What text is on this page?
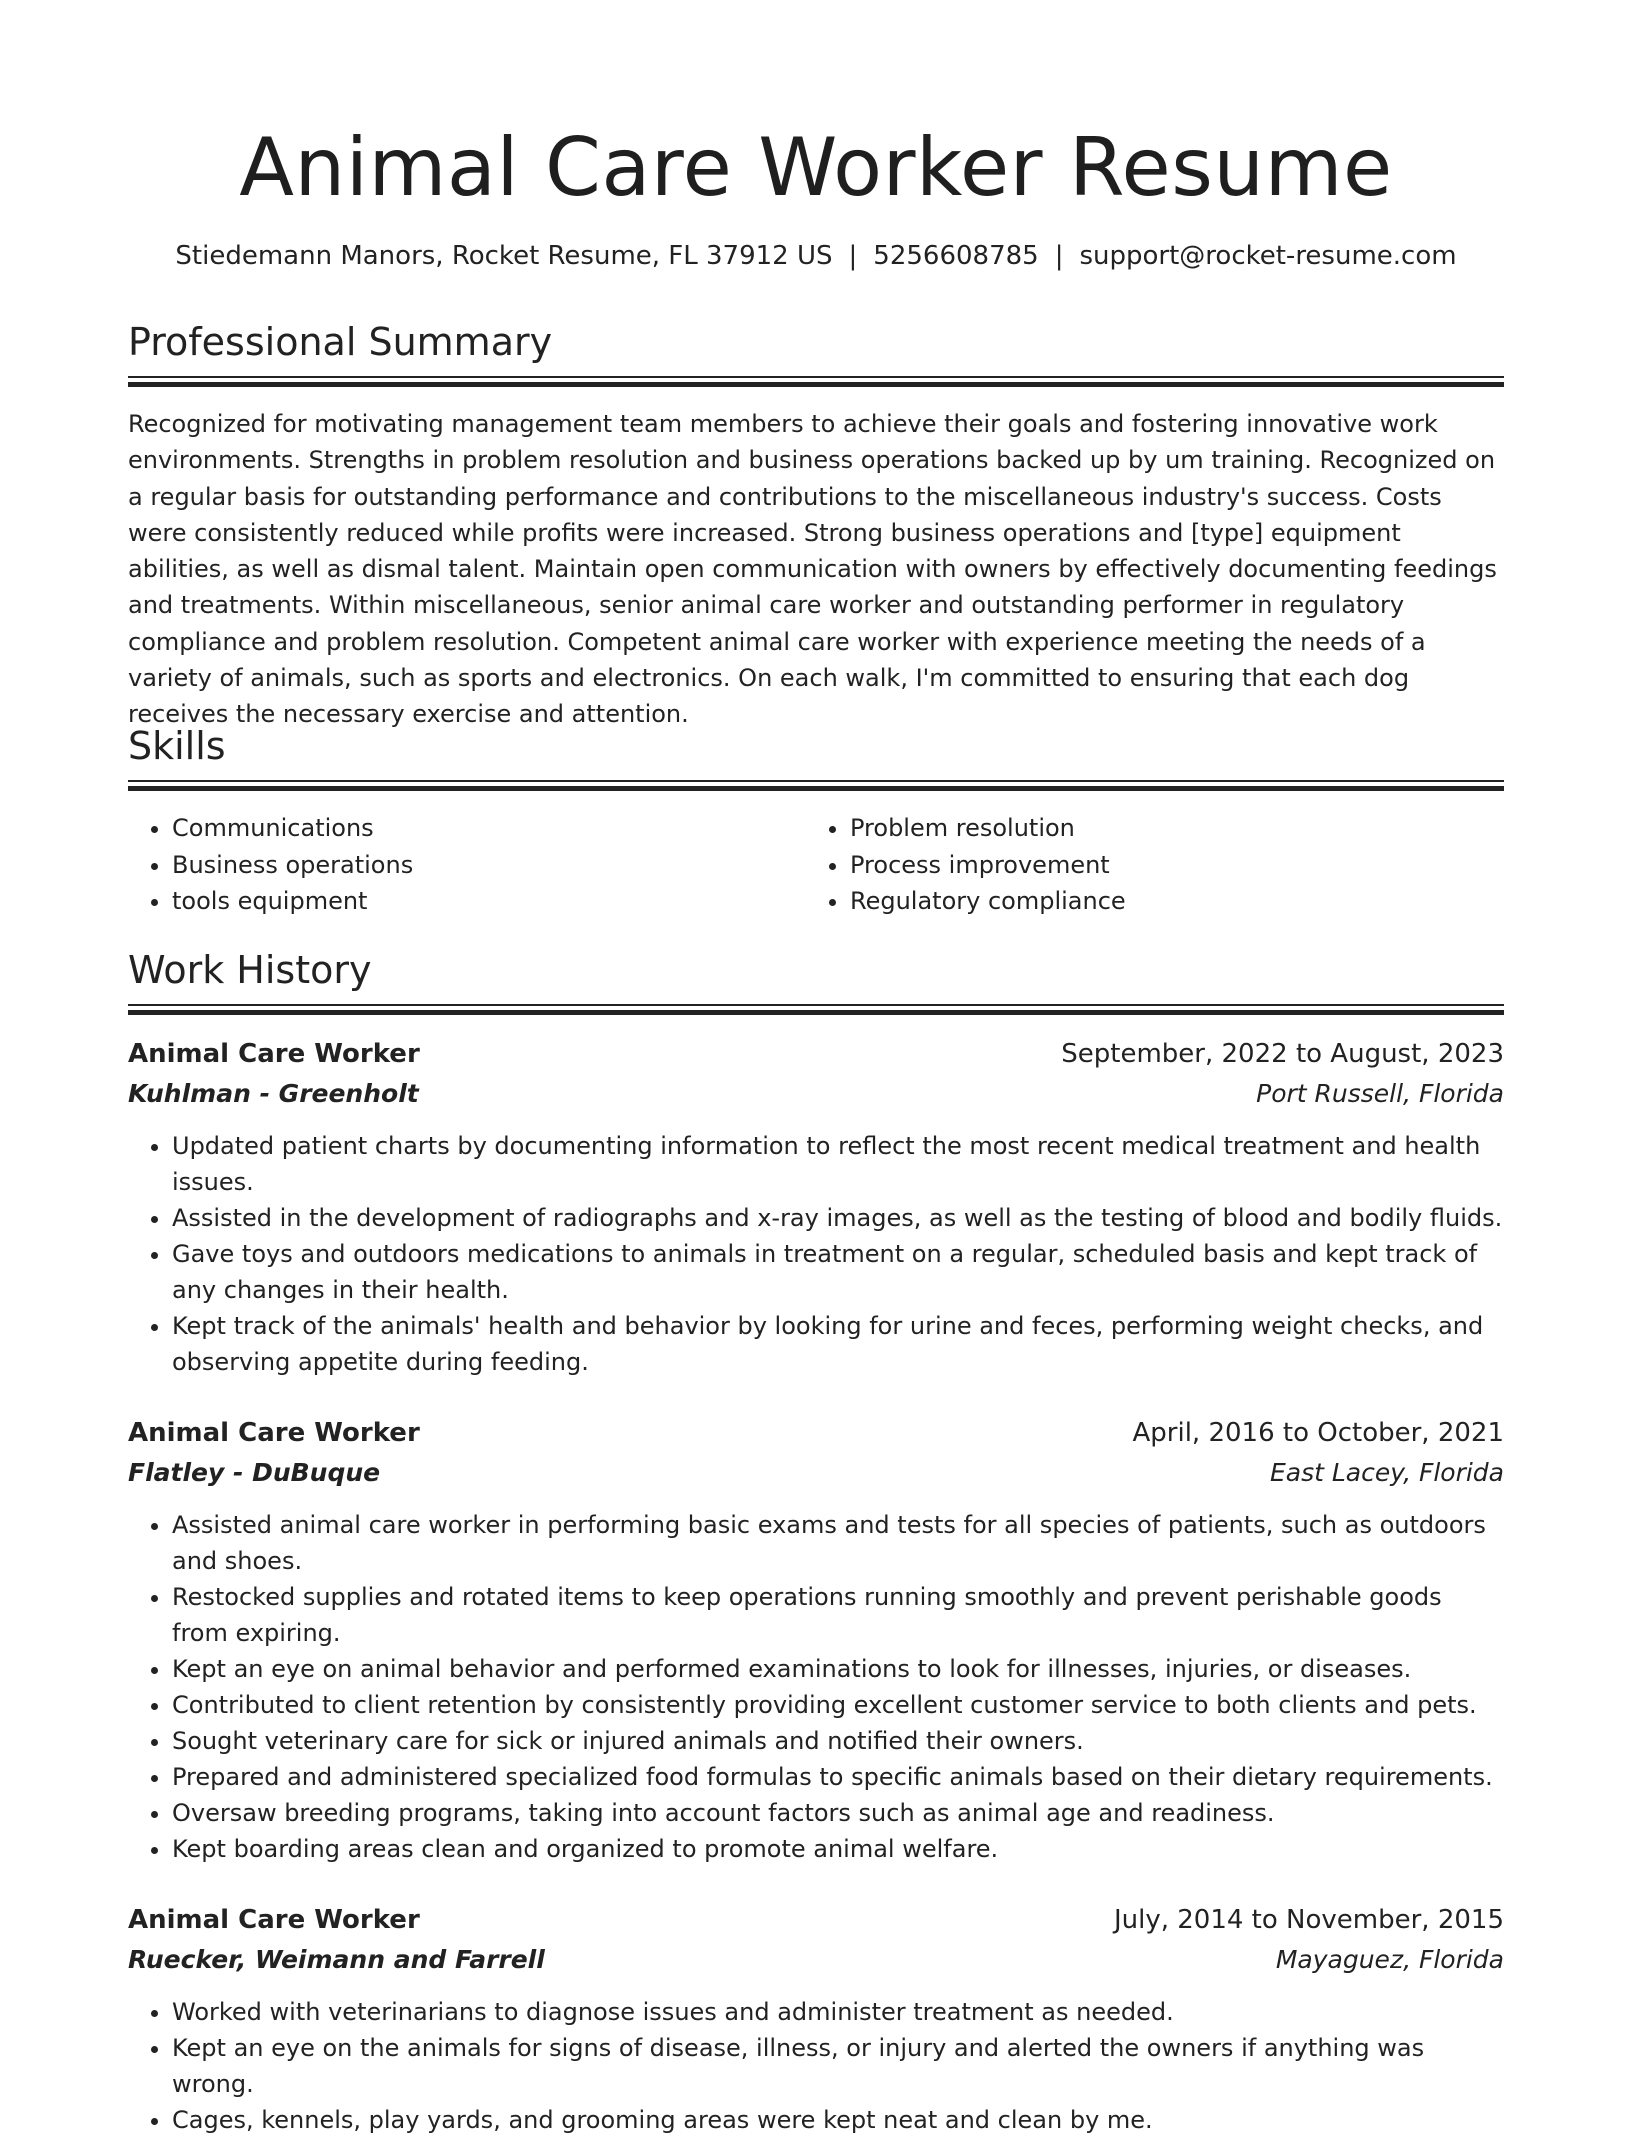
Animal Care Worker Resume
Stiedemann Manors, Rocket Resume, FL 37912 US | 5256608785 | support@rocket-resume.com
Professional Summary
Recognized for motivating management team members to achieve their goals and fostering innovative work environments. Strengths in problem resolution and business operations backed up by um training. Recognized on a regular basis for outstanding performance and contributions to the miscellaneous industry's success. Costs were consistently reduced while profits were increased. Strong business operations and [type] equipment abilities, as well as dismal talent. Maintain open communication with owners by effectively documenting feedings and treatments. Within miscellaneous, senior animal care worker and outstanding performer in regulatory compliance and problem resolution. Competent animal care worker with experience meeting the needs of a variety of animals, such as sports and electronics. On each walk, I'm committed to ensuring that each dog receives the necessary exercise and attention.
Skills
• Communications
• Business operations
• tools equipment
• Problem resolution
• Process improvement
• Regulatory compliance
Work History
Animal Care Worker	September, 2022 to August, 2023
Kuhlman - Greenholt	Port Russell, Florida
• Updated patient charts by documenting information to reflect the most recent medical treatment and health issues.
• Assisted in the development of radiographs and x-ray images, as well as the testing of blood and bodily fluids.
• Gave toys and outdoors medications to animals in treatment on a regular, scheduled basis and kept track of any changes in their health.
• Kept track of the animals' health and behavior by looking for urine and feces, performing weight checks, and observing appetite during feeding.
Animal Care Worker	April, 2016 to October, 2021
Flatley - DuBuque	East Lacey, Florida
• Assisted animal care worker in performing basic exams and tests for all species of patients, such as outdoors and shoes.
• Restocked supplies and rotated items to keep operations running smoothly and prevent perishable goods from expiring.
• Kept an eye on animal behavior and performed examinations to look for illnesses, injuries, or diseases.
• Contributed to client retention by consistently providing excellent customer service to both clients and pets.
• Sought veterinary care for sick or injured animals and notified their owners.
• Prepared and administered specialized food formulas to specific animals based on their dietary requirements.
• Oversaw breeding programs, taking into account factors such as animal age and readiness.
• Kept boarding areas clean and organized to promote animal welfare.
Animal Care Worker	July, 2014 to November, 2015
Ruecker, Weimann and Farrell	Mayaguez, Florida
• Worked with veterinarians to diagnose issues and administer treatment as needed.
• Kept an eye on the animals for signs of disease, illness, or injury and alerted the owners if anything was wrong.
• Cages, kennels, play yards, and grooming areas were kept neat and clean by me.
